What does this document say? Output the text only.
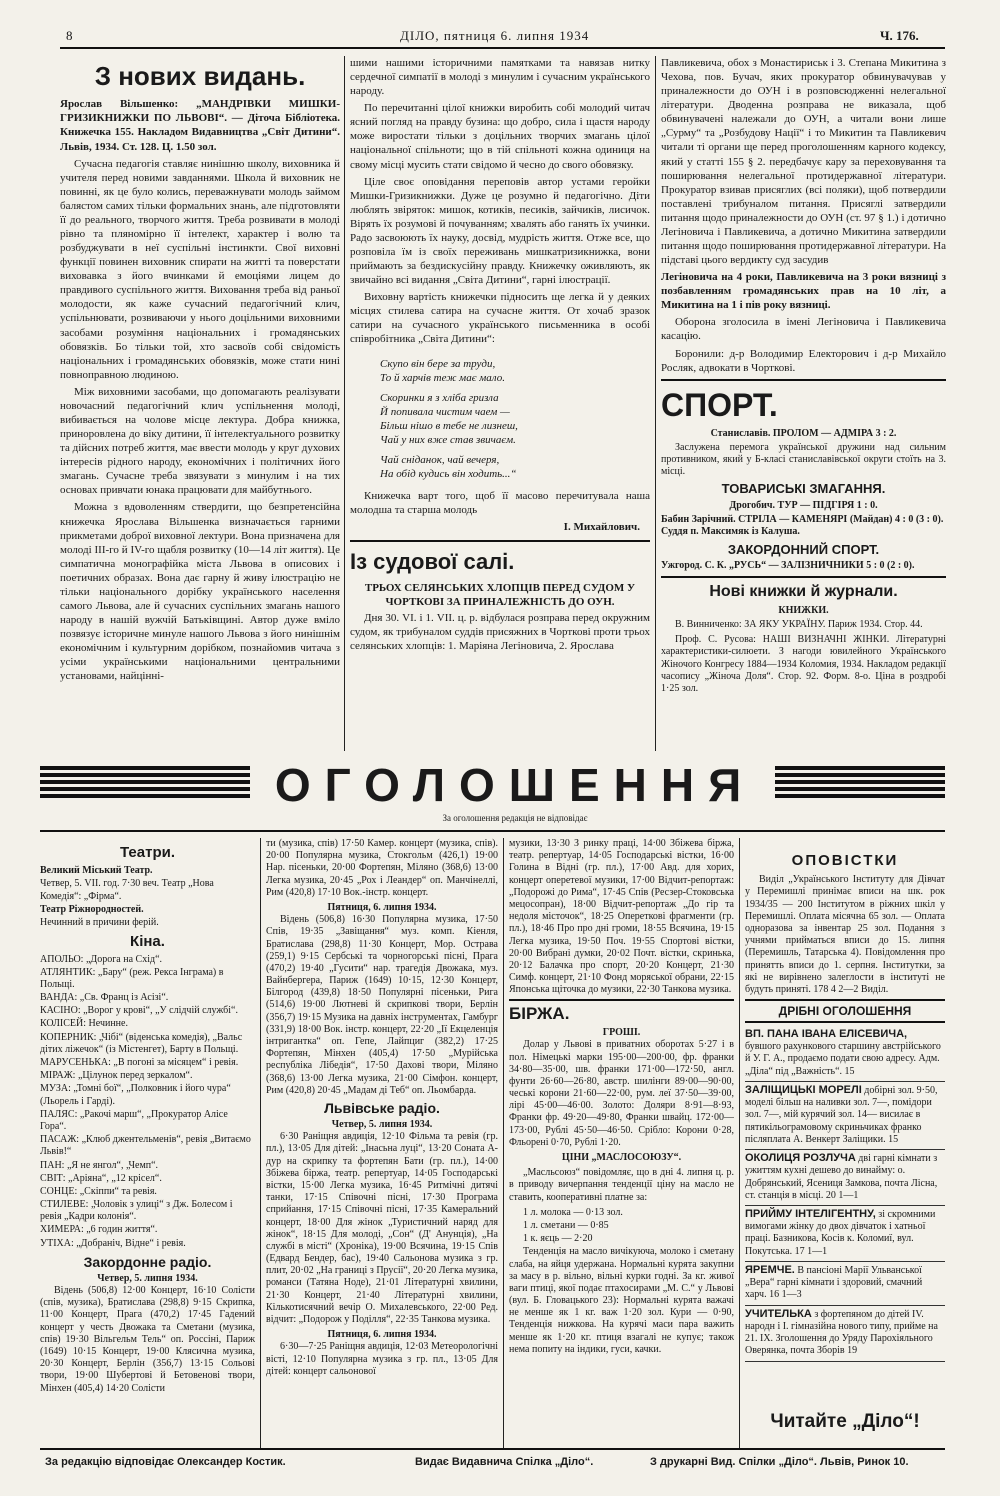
8	ДІЛО, пятниця 6. липня 1934	Ч. 176.
З нових видань.

Ярослав Вільшенко: „МАНДРІВКИ МИШКИ-ГРИЗИКНИЖКИ ПО ЛЬВОВІ“. — Діточа Бібліотека. Книжечка 155. Накладом Видавництва „Світ Дитини“. Львів, 1934. Ст. 128. Ц. 1.50 зол.

Сучасна педагогія ставляє нинішню школу, виховника й учителя перед новими завданнями. Школа й виховник не повинні, як це було колись, переважнувати молодь займом балястом самих тільки формальних знань, але підготовляти її до реального, творчого життя. Треба розвивати в молоді рівно та пляномірно її інтелект, характер і волю та розбуджувати в неї суспільні інстинкти. Свої виховні функції повинен виховник спирати на житті та поверстати виховавка з його вчинками й емоціями лицем до правдивого суспільного життя. Виховання треба від раньої молодости, як каже сучасний педагогічний клич, успільнювати, розвиваючи у нього доцільними виховними засобами розуміння національних і громадянських обовязків. Бо тільки той, хто засвоїв собі свідомість національних і громадянських обовязків, може стати нині повноправною людиною.

Між виховними засобами, що допомагають реалізувати новочасний педагогічний клич успільнення молоді, вибивається на чолове місце лектура. Добра книжка, приноровлена до віку дитини, її інтелектуального розвитку та дійсних потреб життя, має ввести молодь у круг духових інтересів рідного народу, економічних і політичних його змагань. Сучасне треба звязувати з минулим і на тих основах привчати юнака працювати для майбутнього.

Можна з вдоволенням ствердити, що безпретенсійна книжечка Ярослава Вільшенка визначається гарними прикметами доброї виховної лектури. Вона призначена для молоді ІІІ-го й ІV-го щабля розвитку (10—14 літ життя). Це симпатична монографійка міста Львова в описових і поетичних образах. Вона дає гарну й живу ілюстрацію не тільки національного дорібку українського населення самого Львова, але й сучасних суспільних змагань нашого народу в нашій вужчій Батьківщині. Автор дуже вміло позвязує історичне минуле нашого Львова з його нинішнім економічним і культурним дорібком, познайомив читача з усіми українськими національними центральними установами, найцінні-

шими нашими історичними памятками та навязав нитку сердечної симпатії в молоді з минулим і сучасним українського народу.

По перечитанні цілої книжки виробить собі молодий читач ясний погляд на правду бузина: що добро, сила і щастя народу може виростати тільки з доцільних творчих змагань цілої національної спільноти; що в тій спільноті кожна одиниця на свому місці мусить стати свідомо й чесно до свого обовязку.

Ціле своє оповідання переповів автор устами геройки Мишки-Гризикнижки. Дуже це розумно й педагогічно. Діти люблять звіряток: мишок, котиків, песиків, зайчиків, лисичок. Вірять їх розумові й почуванням; хвалять або ганять їх учинки. Радо засвоюють їх науку, досвід, мудрість життя. Отже все, що розповіла їм із своїх переживань мишкатризикнижка, вони приймають за бездискусійну правду. Книжечку оживляють, як звичайно всі видання „Світа Дитини“, гарні ілюстрації.

Виховну вартість книжечки підносить ще легка й у деяких місцях стилева сатира на сучасне життя. От хочаб зразок сатири на сучасного українського письменника в особі співробітника „Світа Дитини“:

Скупо він бере за труди,
То й харчів теж має мало.
Скоринки я з хліба гризла
Й попивала чистим чаем —
Більш нішо в тебе не лизнеш,
Чай у них вже став звичаєм.
Чай сніданок, чай вечеря,
На обід кудись він ходить...“

Книжечка варт того, щоб її масово перечитувала наша молодша та старша молодь

І. Михайлович.
Із судової салі.

ТРЬОХ СЕЛЯНСЬКИХ ХЛОПЦІВ ПЕРЕД СУДОМ У ЧОРТКОВІ ЗА ПРИНАЛЕЖНІСТЬ ДО ОУН.

Дня 30. VI. і 1. VII. ц. р. відбулася розправа перед окружним судом, як трибуналом суддів присяжних в Чорткові проти трьох селянських хлопців: 1. Маріяна Легіновича, 2. Ярослава

Павликевича, обох з Монастириськ і 3. Степана Микитина з Чехова, пов. Бучач, яких прокуратор обвинувачував у приналежности до ОУН і в розповсюдженні нелегальної літератури. Дводенна розправа не виказала, щоб обвинувачені належали до ОУН, а читали вони лише „Сурму“ та „Розбудову Нації“ і то Микитин та Павликевич читали ті органи ще перед проголошенням карного кодексу, який у статті 155 § 2. передбачує кару за переховування та поширювання нелегальної протидержавної літератури. Прокуратор взивав присяглих (всі поляки), щоб потвердили поставлені трибуналом питання. Присяглі затвердили питання щодо приналежности до ОУН (ст. 97 § 1.) і дотично Легіновича і Павликевича, а дотично Микитина затвердили питання щодо поширювання протидержавної літератури. На підставі цього вердикту суд засудив

Легіновича на 4 роки, Павликевича на 3 роки вязниці з позбавленням громадянських прав на 10 літ, а Микитина на 1 і пів року вязниці.

Оборона зголосила в імені Легіновича і Павликевича касацію.

Боронили: д-р Володимир Електорович і д-р Михайло Росляк, адвокати в Чорткові.

СПОРТ.

Станиславів. ПРОЛОМ — АДМІРА 3 : 2.

Заслужена перемога української дружини над сильним противником, який у Б-класі станиславівської округи стоїть на 3. місці.

ТОВАРИСЬКІ ЗМАГАННЯ.

Дрогобич. ТУР — ПІДГІРЯ 1 : 0.

Бабин Зарічний. СТРІЛА — КАМЕНЯРІ (Майдан) 4 : 0 (3 : 0). Суддя п. Максимяк із Калуша.

ЗАКОРДОННИЙ СПОРТ.

Ужгород. С. К. „РУСЬ“ — ЗАЛІЗНИЧНИКИ 5 : 0 (2 : 0).

Нові книжки й журнали.

КНИЖКИ.

В. Винниченко: ЗА ЯКУ УКРАЇНУ. Париж 1934. Стор. 44.

Проф. С. Русова: НАШІ ВИЗНАЧНІ ЖІНКИ. Літературні характеристики-силюети. З нагоди ювилейного Українського Жіночого Конгресу 1884—1934 Коломия, 1934. Накладом редакції часопису „Жіноча Доля“. Стор. 92. Форм. 8-о. Ціна в роздробі 1·25 зол.

ОГОЛОШЕННЯ
За оголошення редакція не відповідає
Театри.
Великий Міський Театр.
Четвер, 5. VII. год. 7·30 веч. Театр „Нова Комедія“: „Фірма“.
Театр Ріжнородностей.
Нечинний в причини ферій.
Кіна.
АПОЛЬО: „Дорога на Схід“.
АТЛЯНТИК: „Бару“ (реж. Рекса Інграма) в Польщі.
ВАНДА: „Св. Франц із Асізі“.
КАСІНО: „Ворог у крові“, „У слідчій службі“.
КОЛІСЕЙ: Нечинне.
КОПЕРНИК: „Чібі“ (віденська комедія), „Вальс дітих ліжечок“ (із Містенгет), Барту в Польщі.
МАРУСЕНЬКА: „В погоні за місяцем“ і ревія.
МІРАЖ: „Цілунок перед зеркалом“.
МУЗА: „Томні бої“, „Полковник і його чура“ (Льорель і Гарді).
ПАЛЯС: „Ракочі марш“, „Прокуратор Алісе Гора“.
ПАСАЖ: „Клюб джентельменів“, ревія „Витаємо Львів!“
ПАН: „Я не янгол“, „Чемп“.
СВІТ: „Аріяна“, „12 крісел“.
СОНЦЕ: „Скіппи“ та ревія.
СТИЛЕВЕ: „Чоловік з улиці“ з Дж. Болесом і ревія „Кадри колонія“.
ХИМЕРА: „6 годин життя“.
УТІХА: „Добраніч, Відне“ і ревія.
Закордонне радіо.
Четвер, 5. липня 1934.

Відень (506,8) 12·00 Концерт, 16·10 Солісти (спів, музика), Братислава (298,8) 9·15 Скрипка, 11·00 Концерт, Прага (470,2) 17·45 Гадений концерт у честь Двожака та Сметани (музика, спів) 19·30 Вільгельм Тель“ оп. Россіні, Париж (1649) 10·15 Концерт, 19·00 Клясична музика, 20·30 Концерт, Берлін (356,7) 13·15 Сольові твори, 19·00 Шубертові й Бетовенові твори, Мінхен (405,4) 14·20 Солісти

ти (музика, спів) 17·50 Камер. концерт (музика, спів). 20·00 Популярна музика, Стокгольм (426,1) 19·00 Нар. пісеньки, 20·00 Фортепян, Міляно (368,6) 13·00 Легка музика, 20·45 „Рох і Леандер“ оп. Манчінеллі, Рим (420,8) 17·10 Вок.-інстр. концерт.

Пятниця, 6. липня 1934.

Відень (506,8) 16·30 Популярна музика, 17·50 Спів, 19·35 „Завіщання“ муз. комп. Кіенля, Братислава (298,8) 11·30 Концерт, Мор. Острава (259,1) 9·15 Сербські та чорногорські пісні, Прага (470,2) 19·40 „Гусити“ нар. трагедія Двожака, муз. Вайнбергера, Париж (1649) 10·15, 12·30 Концерт, Білгород (439,8) 18·50 Популярні пісеньки, Рига (514,6) 19·00 Лютневі й скрипкові твори, Берлін (356,7) 19·15 Музика на давніх інструментах, Гамбург (331,9) 18·00 Вок. інстр. концерт, 22·20 „Ії Екцеленція інтригантка“ оп. Гепе, Лайпциг (382,2) 17·25 Фортепян, Мінхен (405,4) 17·50 „Мурійська республіка Лібедія“, 17·50 Дахові твори, Міляно (368,6) 13·00 Легка музика, 21·00 Сімфон. концерт, Рим (420,8) 20·45 „Мадам ді Теб“ оп. Льомбарда.

Львівське радіо.
Четвер, 5. липня 1934.

6·30 Раніщня авдиція, 12·10 Фільма та ревія (гр. пл.), 13·05 Для дітей: „Інасьна луці“, 13·20 Соната А-дур на скрипку та фортепян Бати (гр. пл.), 14·00 Збіжева біржа, театр. репертуар, 14·05 Господарські вістки, 15·00 Легка музика, 16·45 Ритмічні дитячі танки, 17·15 Співочні пісні, 17·30 Програма сприйання, 17·15 Співочні пісні, 17·35 Камеральний концерт, 18·00 Для жінок „Туристичний наряд для жінок“, 18·15 Для молоді, „Сон“ (Д' Анунція), „На службі в місті“ (Хроніка), 19·00 Всячина, 19·15 Спів (Едвард Бендер, бас), 19·40 Сальонова музика з гр. плит, 20·02 „На границі з Прусії“, 20·20 Легка музика, романси (Татяна Ноде), 21·01 Літературні хвилини, 21·30 Концерт, 21·40 Літературні хвилини, Кількотисячний вечір О. Михалевського, 22·00 Ред. відчит: „Подорож у Поділля“, 22·35 Танкова музика.

Пятниця, 6. липня 1934.

6·30—7·25 Раніщня авдиція, 12·03 Метеорологічні вісті, 12·10 Популярна музика з гр. пл., 13·05 Для дітей: концерт сальонової

музики, 13·30 З ринку праці, 14·00 Збіжева біржа, театр. репертуар, 14·05 Господарські вістки, 16·00 Голина в Відні (гр. пл.), 17·00 Авд. для хорих, концерт оперетевої музики, 17·00 Відчит-репортаж: „Подорожі до Рима“, 17·45 Спів (Ресзер-Стоковська мецосопран), 18·00 Відчит-репортаж „До гір та недоля місточок“, 18·25 Оперетковi фрагменти (гр. пл.), 18·46 Про про дні громи, 18·55 Всячина, 19·15 Легка музика, 19·50 Поч. 19·55 Спортові вістки, 20·00 Вибрані думки, 20·02 Почт. вістки, скринька, 20·12 Балачка про спорт, 20·20 Концерт, 21·30 Симф. концерт, 21·10 Фонд моряської обрани, 22·15 Японська щіточка до музики, 22·30 Танкова музика.

БІРЖА.
ГРОШІ.

Долар у Львові в приватних оборотах 5·27 і в пол. Німецькі марки 195·00—200·00, фр. франки 34·80—35·00, шв. франки 171·00—172·50, англ. фунти 26·60—26·80, австр. шилінги 89·00—90·00, чеські корони 21·60—22·00, рум. леї 37·50—39·00, лірі 45·00—46·00. Золото: Доляри 8·91—8·93, Франки фр. 49·20—49·80, Франки швайц. 172·00—173·00, Рублі 45·50—46·50. Срібло: Корони 0·28, Фльорені 0·70, Рублі 1·20.

ЦІНИ „МАСЛОСОЮЗУ“.

„Масльсоюз“ повідомляє, що в дні 4. липня ц. р. в приводу вичерпання тенденції ціну на масло не ставить, кооперативні платне за:

1 л. молока — 0·13 зол.
1 л. сметани — 0·85
1 к. яєць — 2·20

Тенденція на масло вичікуюча, молоко і сметану слаба, на яйця удержана. Нормальні курята закупни за масу в р. вільно, вільні курки годні. За кг. живої ваги птиці, якої подає птахосирами „М. С.“ у Львові (вул. Б. Гловацького 23): Нормальні курята важачі не менше як 1 кг. важ 1·20 зол. Кури — 0·90, Тенденція нижкова. На курячі маси пара важить менше як 1·20 кг. птиця взагалі не купує; також нема попиту на індики, гуси, качки.

ОПОВІСТКИ

Виділ „Українського Інституту для Дівчат у Перемишлі принімає вписи на шк. рок 1934/35 — 200 Інститутом в ріжних шкіл у Перемишлі. Оплата місячна 65 зол. — Оплата одноразова за інвентар 25 зол. Подання з учнями прийматься вписи до 15. липня (Перемишль, Татарська 4). Повідомлення про принятть вписи до 1. серпня. Інститутки, за які не вирівнено залеглости в інституті не будуть принятi. 178 4 2—2 Виділ.

ДРІБНІ ОГОЛОШЕННЯ
ВП. ПАНА ІВАНА ЕЛІСЕВИЧА, бувшого рахункового старшину австрійського й У. Г. А., продаємо подати свою адресу. Адм. „Діла“ під „Важність“. 15
ЗАЛІЩИЦЬКІ МОРЕЛІ добірні зол. 9·50, моделі більш на наливки зол. 7—, помідори зол. 7—, мій курячий зол. 14— висилає в пятикільограмовому скриньчиках франко післяплата А. Венкерт Заліщики. 15
ОКОЛИЦЯ РОЗЛУЧА дві гарні кімнати з ужиттям кухні дешево до винайму: о. Добрянський, Ясениця Замкова, почта Лісна, ст. станція в місці. 20 1—1
ПРИЙМУ ІНТЕЛІГЕНТНУ, зі скромними вимогами жінку до двох дівчаток і хатньої праці. Базникова, Косів к. Коломиї, вул. Покутська. 17 1—1
ЯРЕМЧЕ. В пансіоні Марії Ульванської „Вера“ гарні кімнати і здоровий, смачний харч. 16 1—3
УЧИТЕЛЬКА з фортепяном до дітей IV. народн і І. гімназійна нового типу, прийме на 21. IX. Зголошення до Уряду Парохіяльного Оверянка, почта Зборів 19
Читайте „Діло“!
За редакцію відповідає Олександер Костик.	Видає Видавнича Спілка „Діло“.	З друкарні Вид. Спілки „Діло“. Львів, Ринок 10.
